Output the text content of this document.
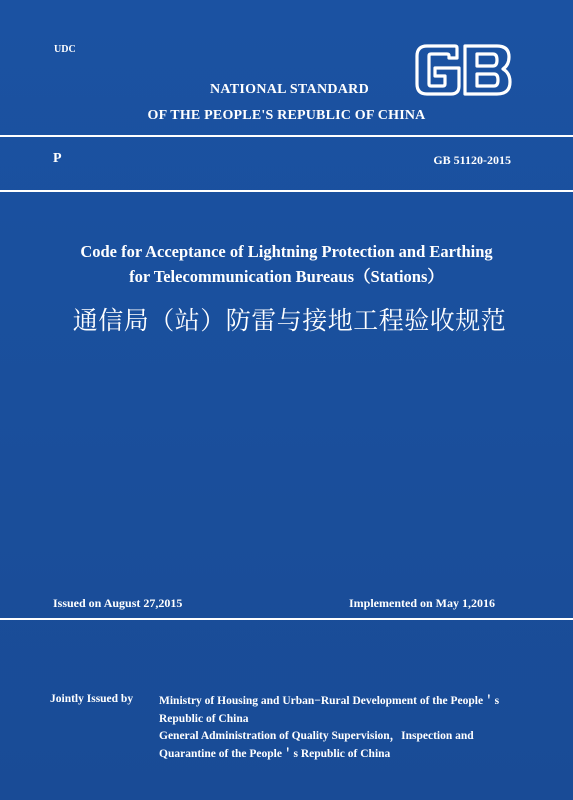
UDC
NATIONAL STANDARD
OF THE PEOPLE'S REPUBLIC OF CHINA
P	GB 51120-2015
Code for Acceptance of Lightning Protection and Earthing
for Telecommunication Bureaus（Stations）
通信局（站）防雷与接地工程验收规范
Issued on August 27,2015	Implemented on May 1,2016
Jointly Issued by Ministry of Housing and Urban−Rural Development of the People＇s
Republic of China
General Administration of Quality Supervision，Inspection and
Quarantine of the People＇s Republic of China
